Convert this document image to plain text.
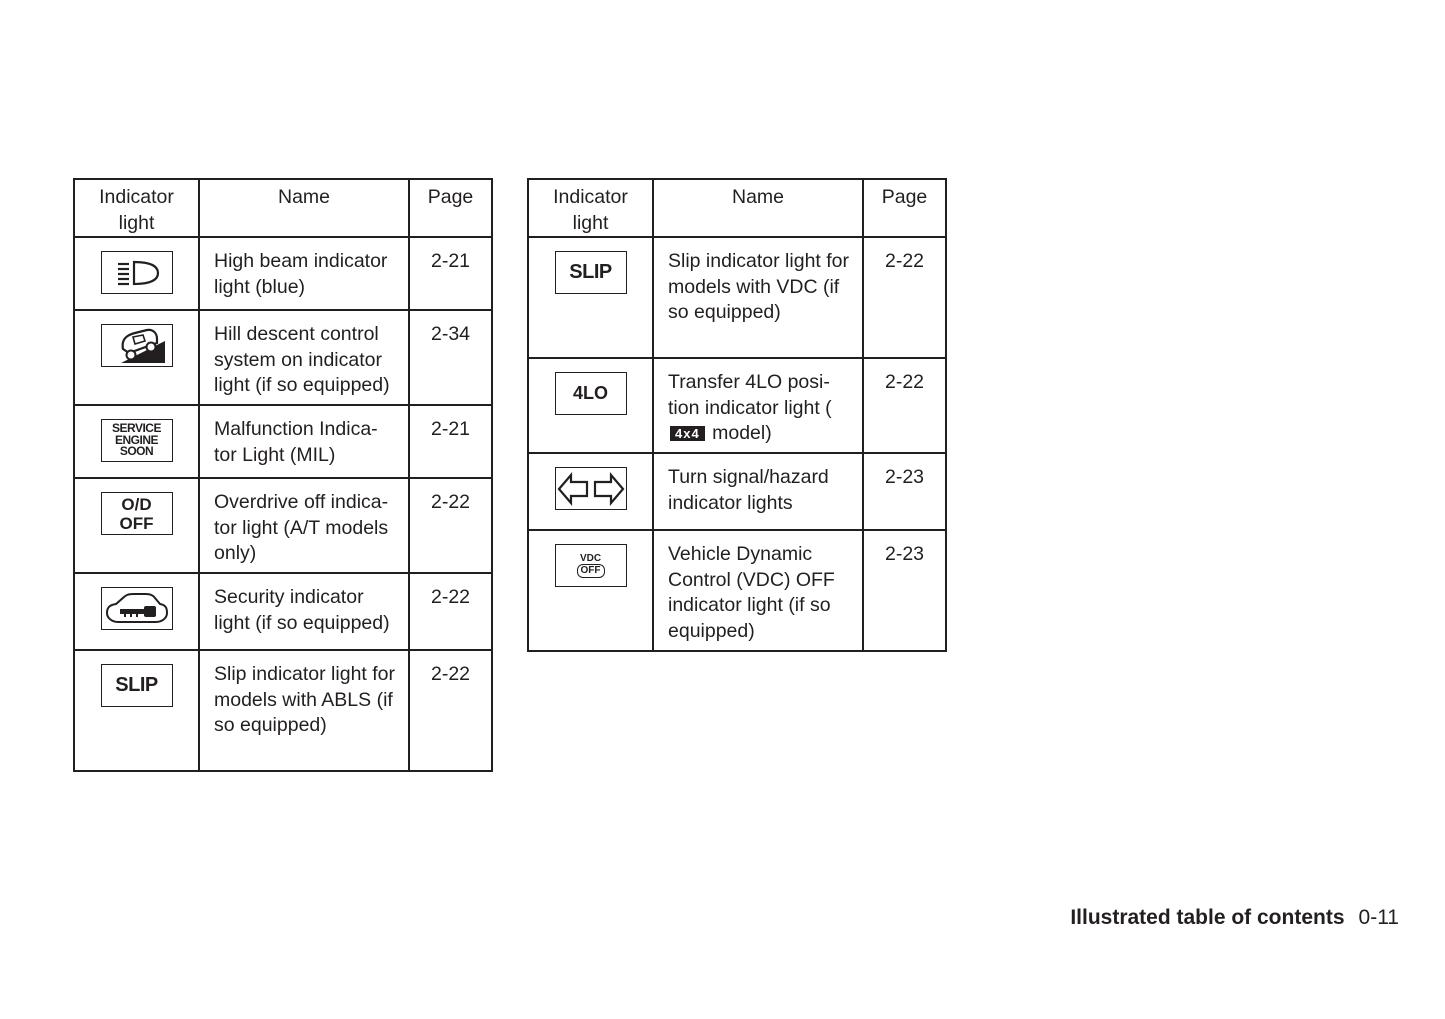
Indicator light	Name	Page

	High beam indicator light (blue)	2-21

	Hill descent control system on indicator light (if so equipped)	2-34

SERVICE
ENGINE
SOON	Malfunction Indica-tor Light (MIL)	2-21

O/D
OFF	Overdrive off indica-tor light (A/T models only)	2-22

	Security indicator light (if so equipped)	2-22

SLIP	Slip indicator light for models with ABLS (if so equipped)	2-22
Indicator light	Name	Page

SLIP	Slip indicator light for models with VDC (if so equipped)	2-22

4LO	Transfer 4LO posi-tion indicator light (4x4 model)	2-22

	Turn signal/hazard indicator lights	2-23

VDC
OFF	Vehicle Dynamic Control (VDC) OFF indicator light (if so equipped)	2-23
Illustrated table of contents 0-11
